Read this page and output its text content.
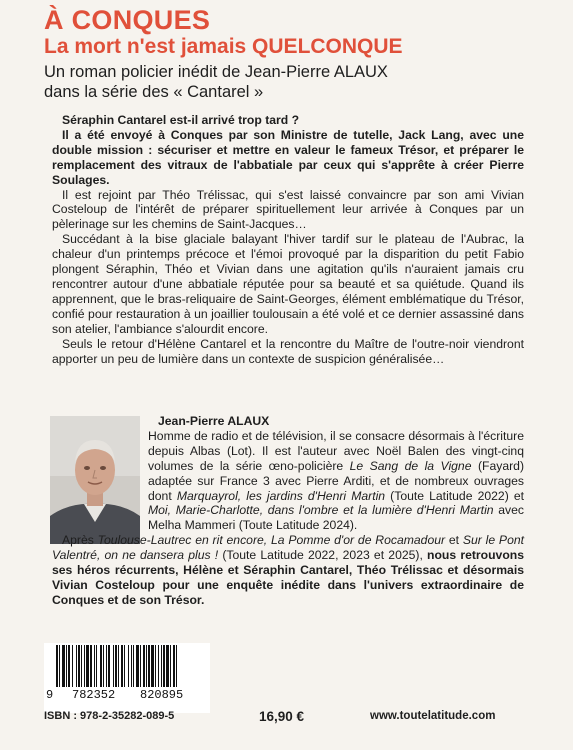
À CONQUES
La mort n'est jamais QUELCONQUE
Un roman policier inédit de Jean-Pierre ALAUX
dans la série des « Cantarel »

Séraphin Cantarel est-il arrivé trop tard ?

Il a été envoyé à Conques par son Ministre de tutelle, Jack Lang, avec une double mission : sécuriser et mettre en valeur le fameux Trésor, et préparer le remplacement des vitraux de l'abbatiale par ceux qui s'apprête à créer Pierre Soulages.

Il est rejoint par Théo Trélissac, qui s'est laissé convaincre par son ami Vivian Costeloup de l'intérêt de préparer spirituellement leur arrivée à Conques par un pèlerinage sur les chemins de Saint-Jacques…

Succédant à la bise glaciale balayant l'hiver tardif sur le plateau de l'Aubrac, la chaleur d'un printemps précoce et l'émoi provoqué par la disparition du petit Fabio plongent Séraphin, Théo et Vivian dans une agitation qu'ils n'auraient jamais cru rencontrer autour d'une abbatiale réputée pour sa beauté et sa quiétude. Quand ils apprennent, que le bras-reliquaire de Saint-Georges, élément emblématique du Trésor, confié pour restauration à un joaillier toulousain a été volé et ce dernier assassiné dans son atelier, l'ambiance s'alourdit encore.

Seuls le retour d'Hélène Cantarel et la rencontre du Maître de l'outre-noir viendront apporter un peu de lumière dans un contexte de suspicion généralisée…

Jean-Pierre ALAUX

Homme de radio et de télévision, il se consacre désormais à l'écriture depuis Albas (Lot). Il est l'auteur avec Noël Balen des vingt-cinq volumes de la série œno-policière Le Sang de la Vigne (Fayard) adaptée sur France 3 avec Pierre Arditi, et de nombreux ouvrages dont Marquayrol, les jardins d'Henri Martin (Toute Latitude 2022) et Moi, Marie-Charlotte, dans l'ombre et la lumière d'Henri Martin avec Melha Mammeri (Toute Latitude 2024).

Après Toulouse-Lautrec en rit encore, La Pomme d'or de Rocamadour et Sur le Pont Valentré, on ne dansera plus ! (Toute Latitude 2022, 2023 et 2025), nous retrouvons ses héros récurrents, Hélène et Séraphin Cantarel, Théo Trélissac et désormais Vivian Costeloup pour une enquête inédite dans l'univers extraordinaire de Conques et de son Trésor.

9 782352 820895
ISBN : 978-2-35282-089-5	16,90 €	www.toutelatitude.com
